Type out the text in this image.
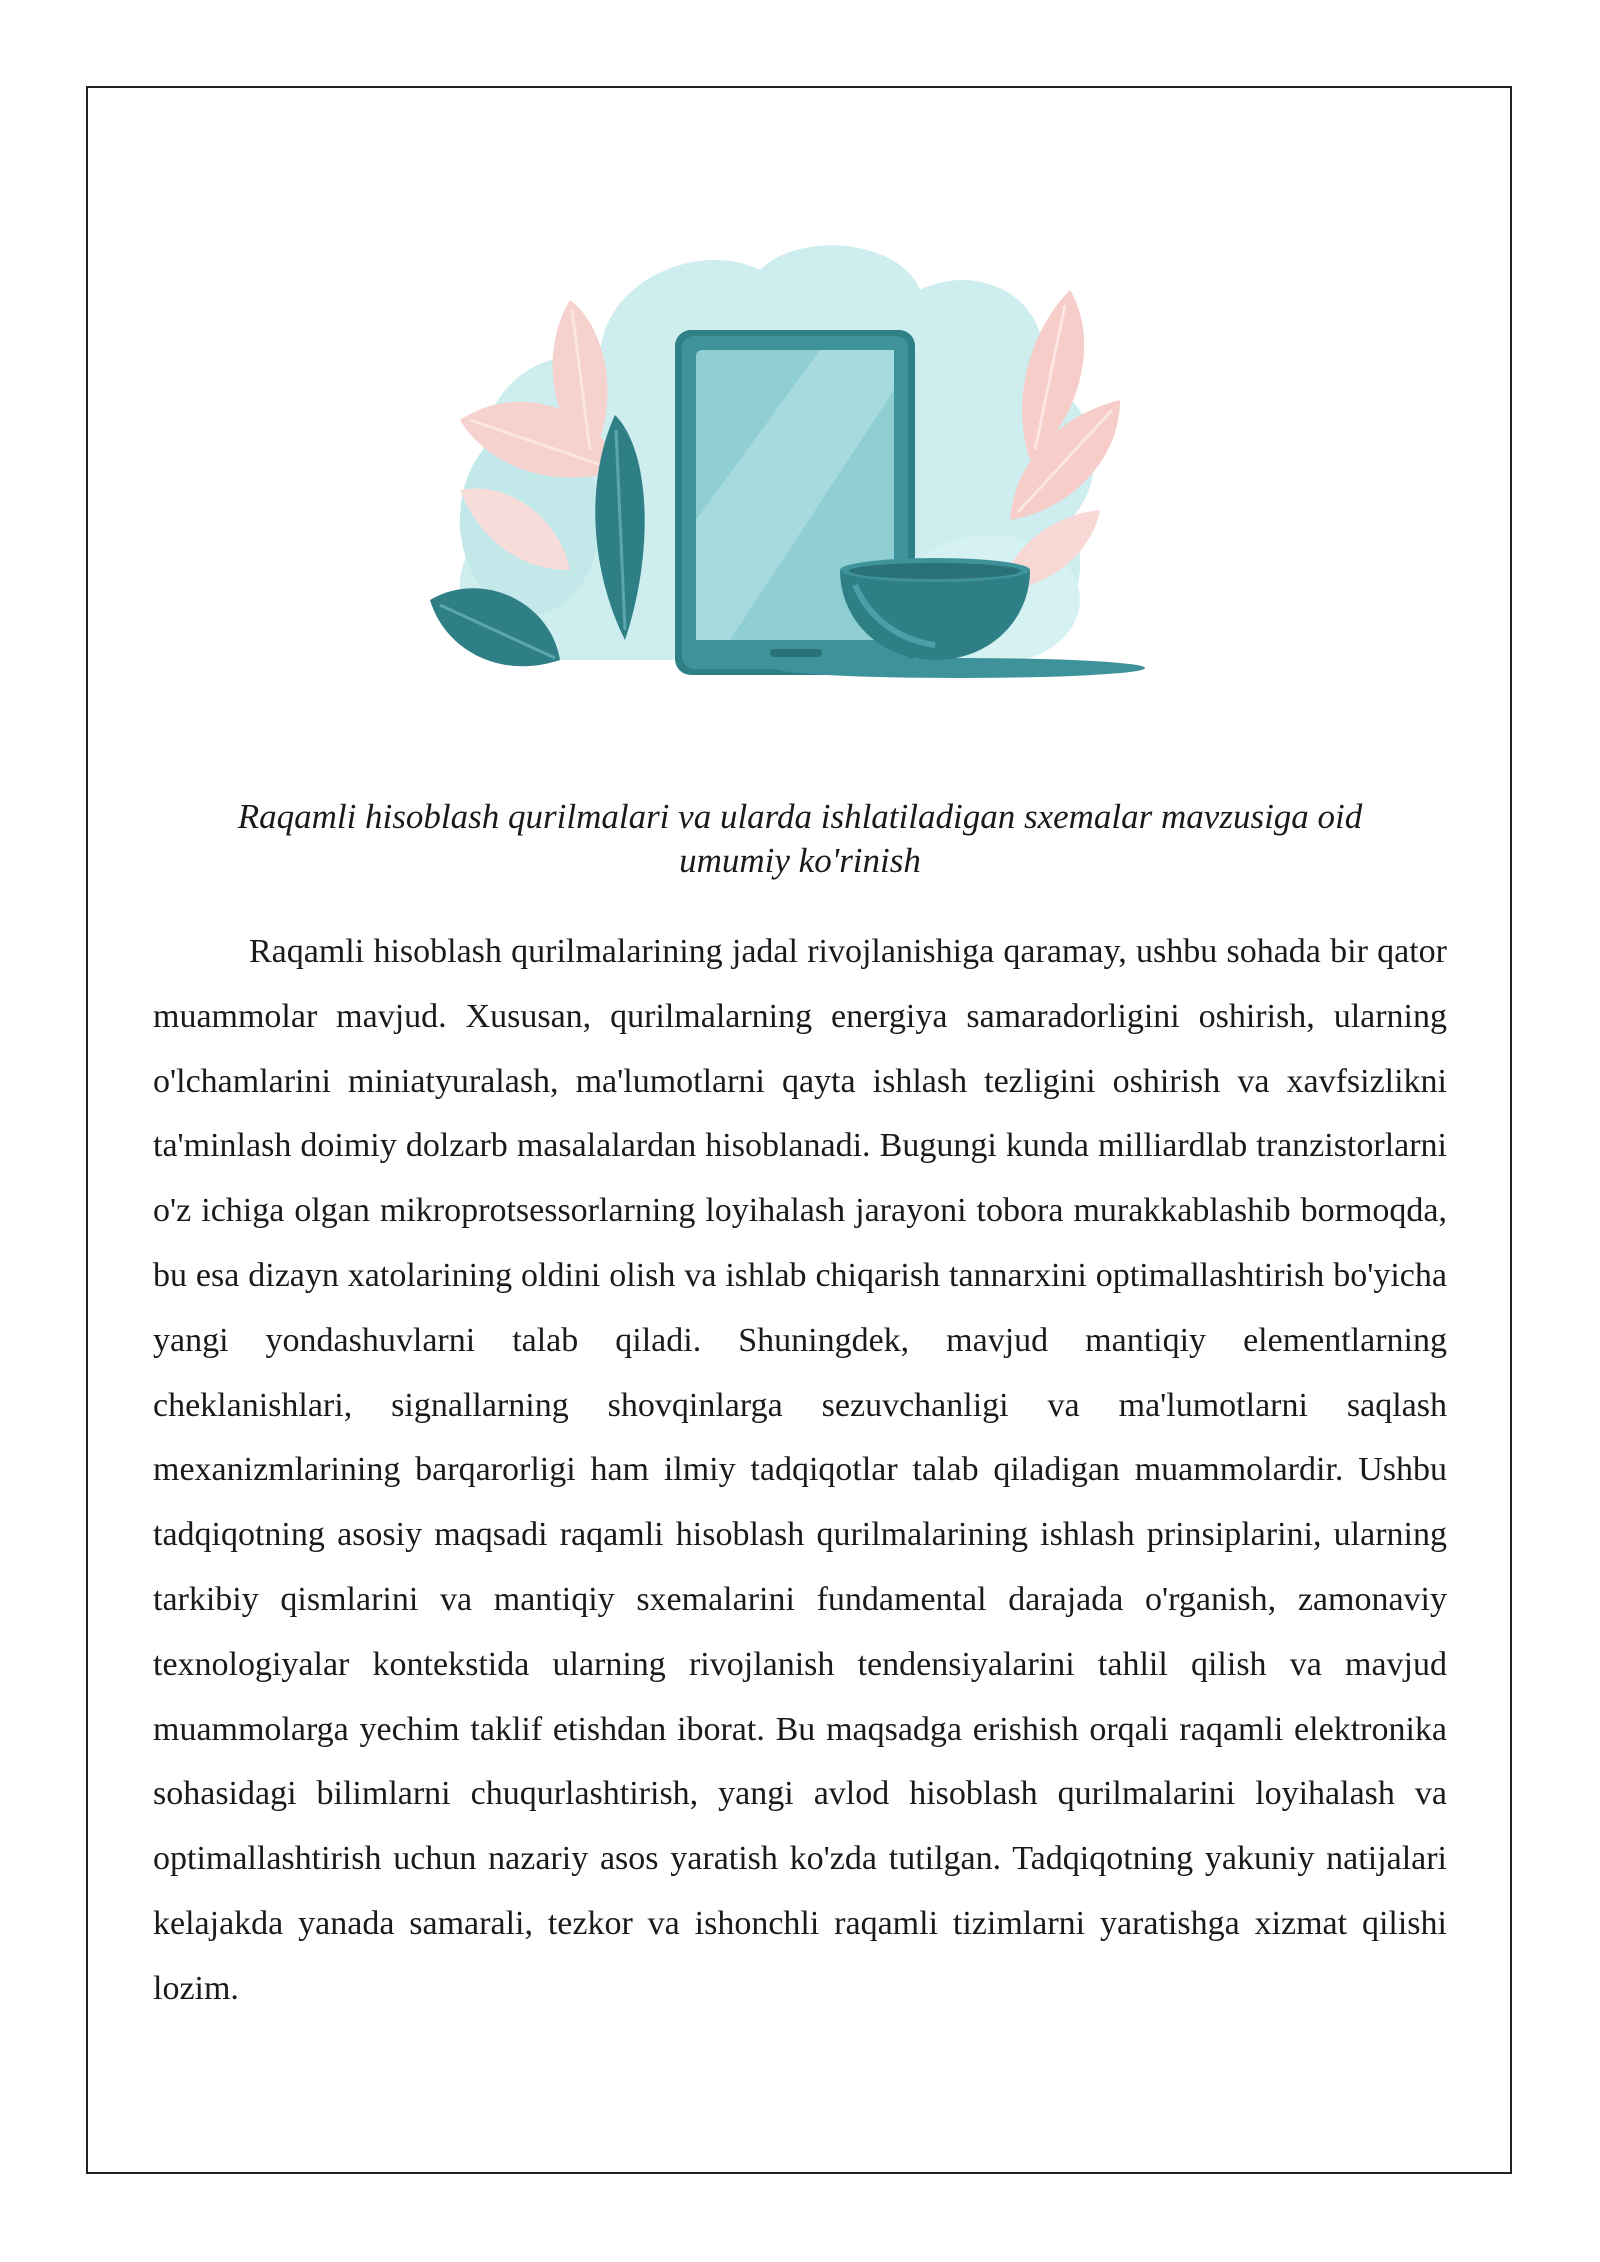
Raqamli hisoblash qurilmalari va ularda ishlatiladigan sxemalar mavzusiga oid
umumiy ko'rinish

Raqamli hisoblash qurilmalarining jadal rivojlanishiga qaramay, ushbu sohada bir qator muammolar mavjud. Xususan, qurilmalarning energiya samaradorligini oshirish, ularning o'lchamlarini miniatyuralash, ma'lumotlarni qayta ishlash tezligini oshirish va xavfsizlikni ta'minlash doimiy dolzarb masalalardan hisoblanadi. Bugungi kunda milliardlab tranzistorlarni o'z ichiga olgan mikroprotsessorlarning loyihalash jarayoni tobora murakkablashib bormoqda, bu esa dizayn xatolarining oldini olish va ishlab chiqarish tannarxini optimallashtirish bo'yicha yangi yondashuvlarni talab qiladi. Shuningdek, mavjud mantiqiy elementlarning cheklanishlari, signallarning shovqinlarga sezuvchanligi va ma'lumotlarni saqlash mexanizmlarining barqarorligi ham ilmiy tadqiqotlar talab qiladigan muammolardir. Ushbu tadqiqotning asosiy maqsadi raqamli hisoblash qurilmalarining ishlash prinsiplarini, ularning tarkibiy qismlarini va mantiqiy sxemalarini fundamental darajada o'rganish, zamonaviy texnologiyalar kontekstida ularning rivojlanish tendensiyalarini tahlil qilish va mavjud muammolarga yechim taklif etishdan iborat. Bu maqsadga erishish orqali raqamli elektronika sohasidagi bilimlarni chuqurlashtirish, yangi avlod hisoblash qurilmalarini loyihalash va optimallashtirish uchun nazariy asos yaratish ko'zda tutilgan. Tadqiqotning yakuniy natijalari kelajakda yanada samarali, tezkor va ishonchli raqamli tizimlarni yaratishga xizmat qilishi lozim.
